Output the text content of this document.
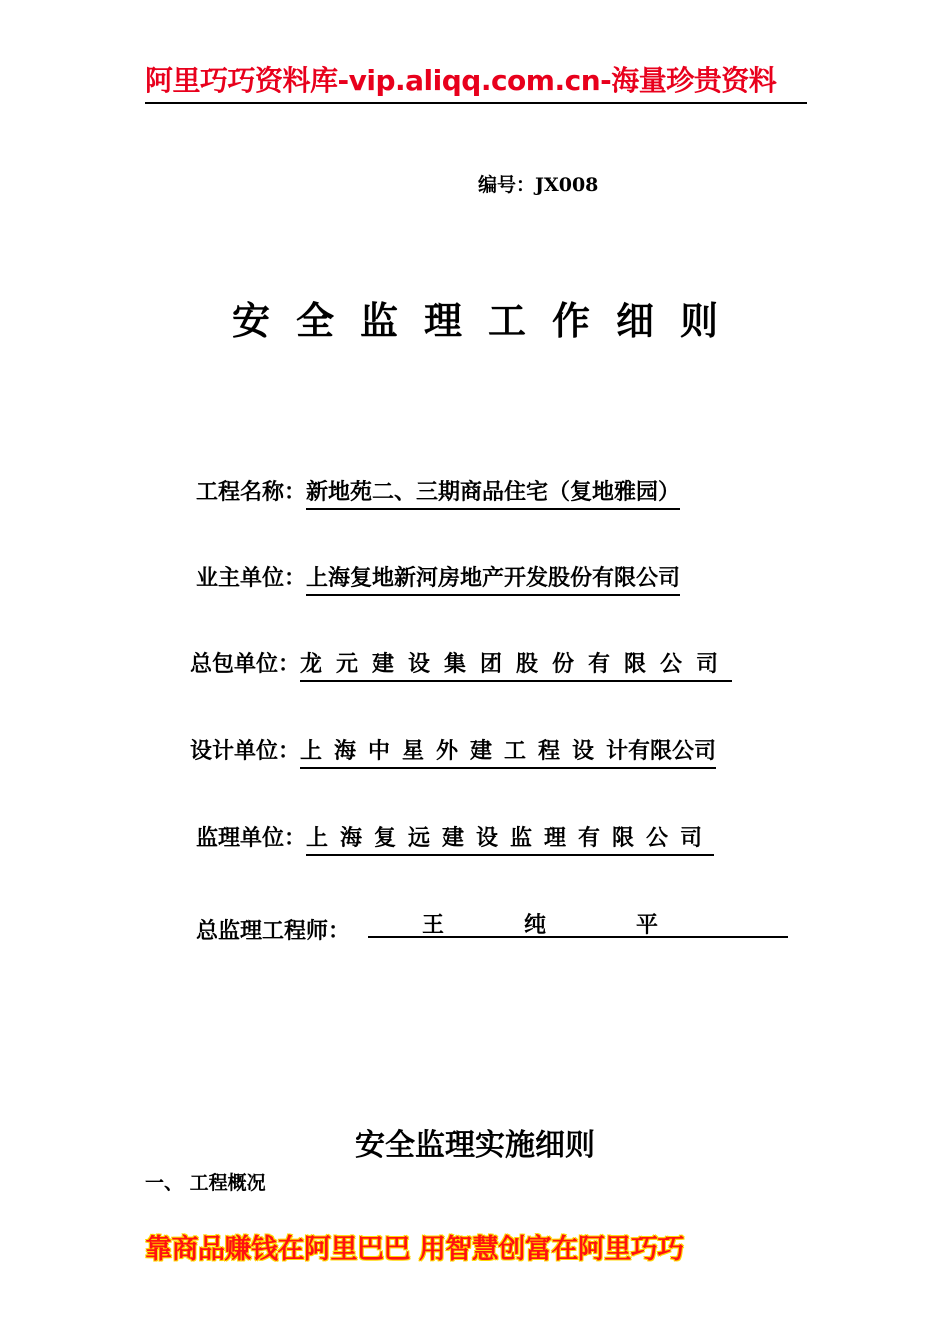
阿里巧巧资料库-vip.aliqq.com.cn-海量珍贵资料
编号：JX008
安全监理工作细则
工程名称：新地苑二、三期商品住宅（复地雅园）
业主单位：上海复地新河房地产开发股份有限公司
总包单位：龙元建设集团股份有限公司
设计单位：上海中星外建工程设计有限公司
监理单位：上海复远建设监理有限公司
总监理工程师：	王	纯	平
安全监理实施细则
一、 工程概况
靠商品赚钱在阿里巴巴 用智慧创富在阿里巧巧
